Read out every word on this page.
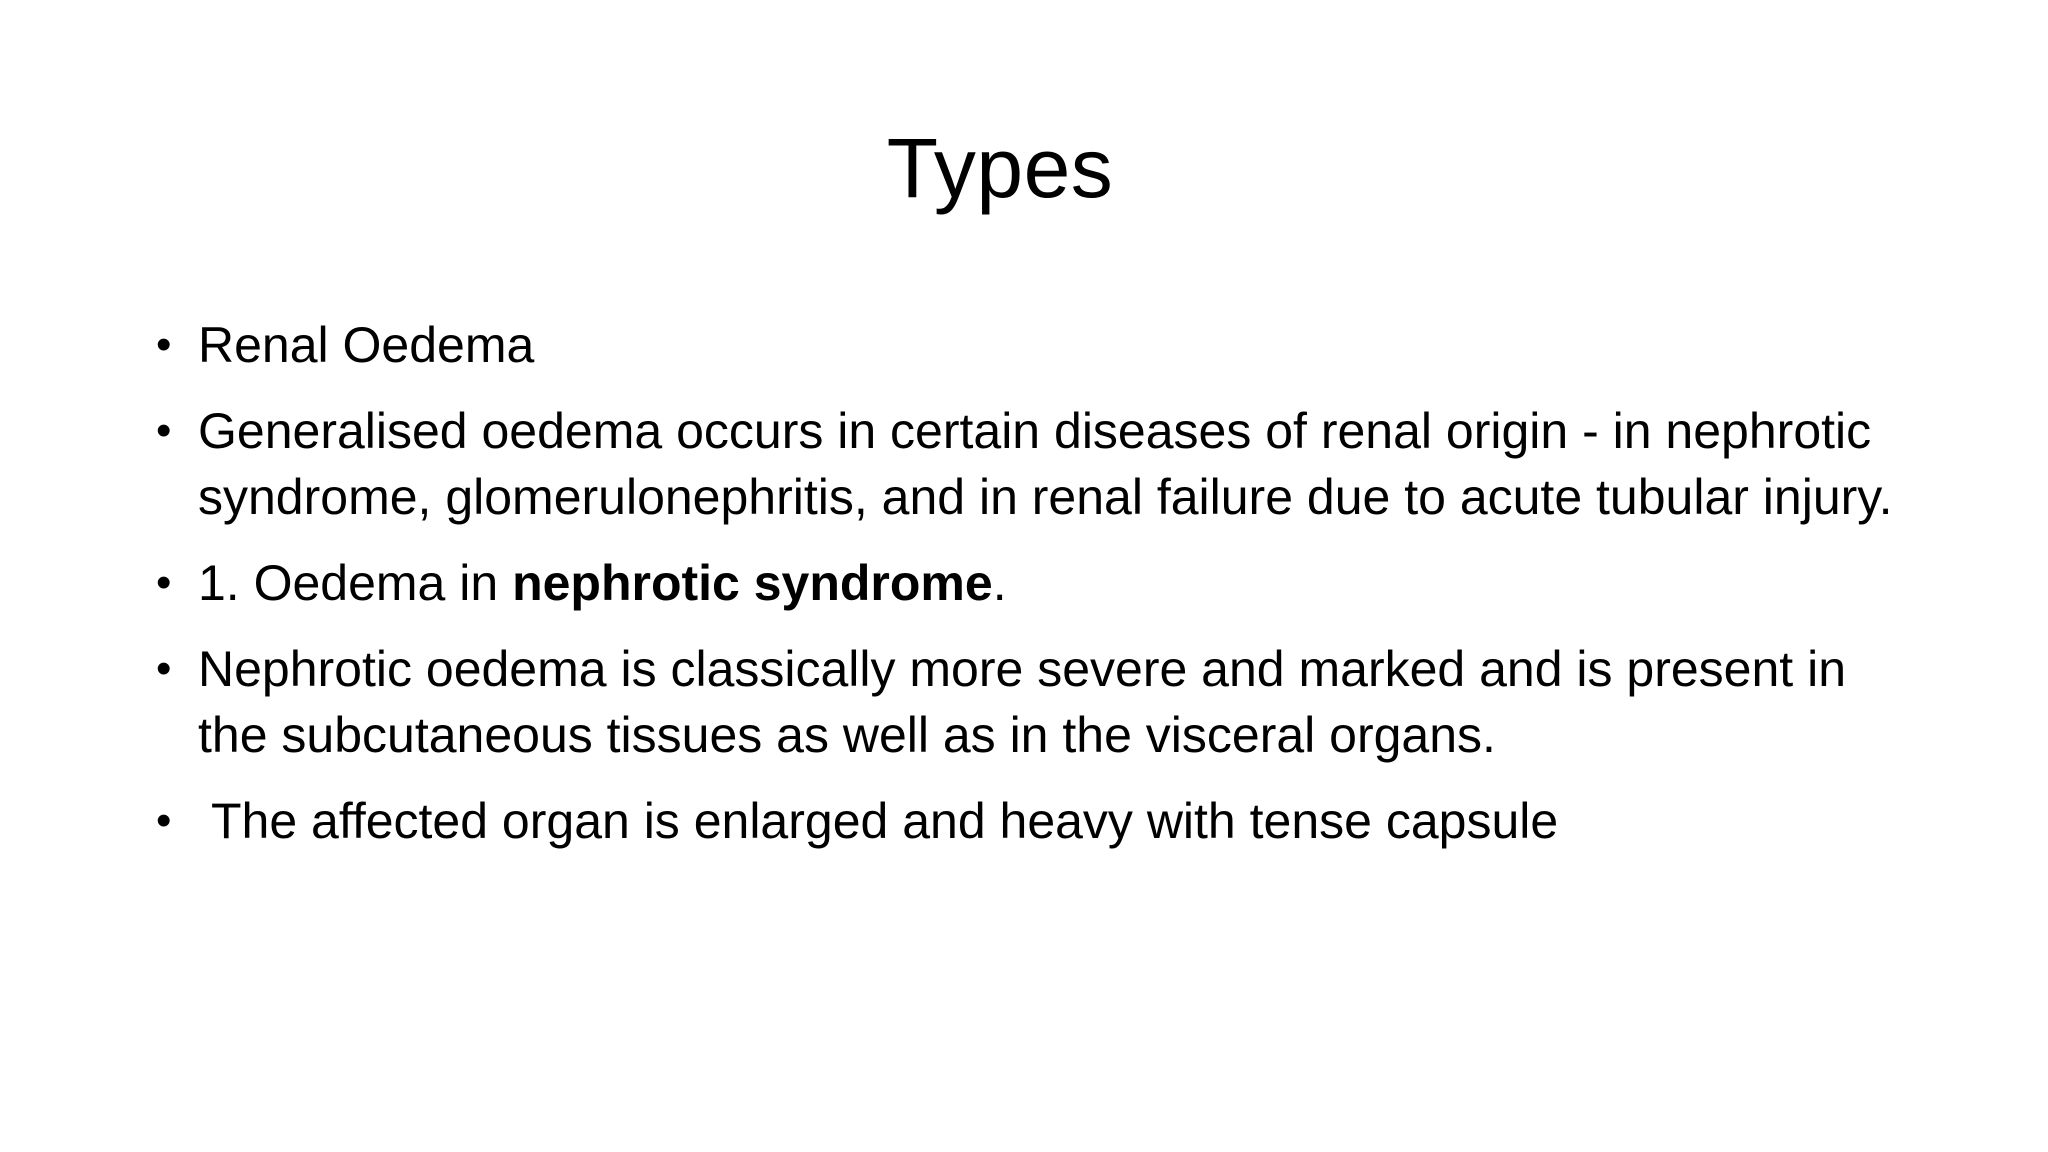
Types
• Renal Oedema
• Generalised oedema occurs in certain diseases of renal origin - in nephrotic syndrome, glomerulonephritis, and in renal failure due to acute tubular injury.
• 1. Oedema in nephrotic syndrome.
• Nephrotic oedema is classically more severe and marked and is present in the subcutaneous tissues as well as in the visceral organs.
• The affected organ is enlarged and heavy with tense capsule
